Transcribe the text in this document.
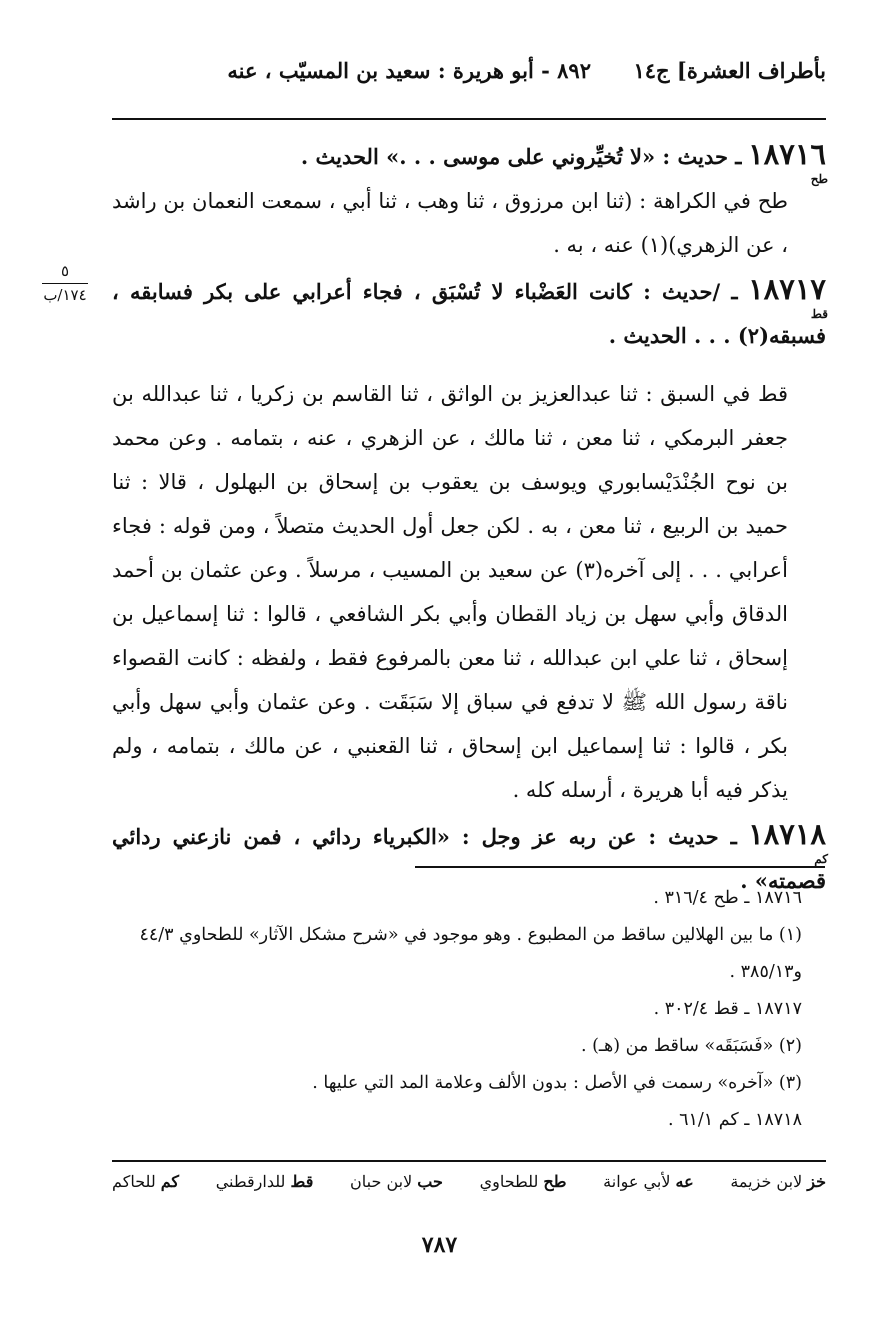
بأطراف العشرة] ج١٤
٨٩٢ - أبو هريرة : سعيد بن المسيّب ، عنه

١٨٧١٦
طح
ـ حديث : «لا تُخيِّروني على موسى . . .» الحديث .

طح في الكراهة : (ثنا ابن مرزوق ، ثنا وهب ، ثنا أبي ، سمعت النعمان بن راشد ، عن الزهري)(١) عنه ، به .

١٨٧١٧
قط
ـ /حديث : كانت العَضْباء لا تُسْبَق ، فجاء أعرابي على بكر فسابقه ، فسبقه(٢) . . . الحديث .

قط في السبق : ثنا عبدالعزيز بن الواثق ، ثنا القاسم بن زكريا ، ثنا عبدالله بن جعفر البرمكي ، ثنا معن ، ثنا مالك ، عن الزهري ، عنه ، بتمامه . وعن محمد بن نوح الجُنْدَيْسابوري ويوسف بن يعقوب بن إسحاق بن البهلول ، قالا : ثنا حميد بن الربيع ، ثنا معن ، به . لكن جعل أول الحديث متصلاً ، ومن قوله : فجاء أعرابي . . . إلى آخره(٣) عن سعيد بن المسيب ، مرسلاً . وعن عثمان بن أحمد الدقاق وأبي سهل بن زياد القطان وأبي بكر الشافعي ، قالوا : ثنا إسماعيل بن إسحاق ، ثنا علي ابن عبدالله ، ثنا معن بالمرفوع فقط ، ولفظه : كانت القصواء ناقة رسول الله ﷺ لا تدفع في سباق إلا سَبَقَت . وعن عثمان وأبي سهل وأبي بكر ، قالوا : ثنا إسماعيل ابن إسحاق ، ثنا القعنبي ، عن مالك ، بتمامه ، ولم يذكر فيه أبا هريرة ، أرسله كله .

١٨٧١٨
كم
ـ حديث : عن ربه عز وجل : «الكبرياء ردائي ، فمن نازعني ردائي قصمته» .

٥
١٧٤/ب

١٨٧١٦ ـ طح ٣١٦/٤ .

(١) ما بين الهلالين ساقط من المطبوع . وهو موجود في «شرح مشكل الآثار» للطحاوي ٤٤/٣ و٣٨٥/١٣ .

١٨٧١٧ ـ قط ٣٠٢/٤ .

(٢) «فَسَبَقَه» ساقط من (هـ) .

(٣) «آخره» رسمت في الأصل : بدون الألف وعلامة المد التي عليها .

١٨٧١٨ ـ كم ٦١/١ .

خز لابن خزيمة
عه لأبي عوانة
طح للطحاوي
حب لابن حبان
قط للدارقطني
كم للحاكم
٧٨٧
